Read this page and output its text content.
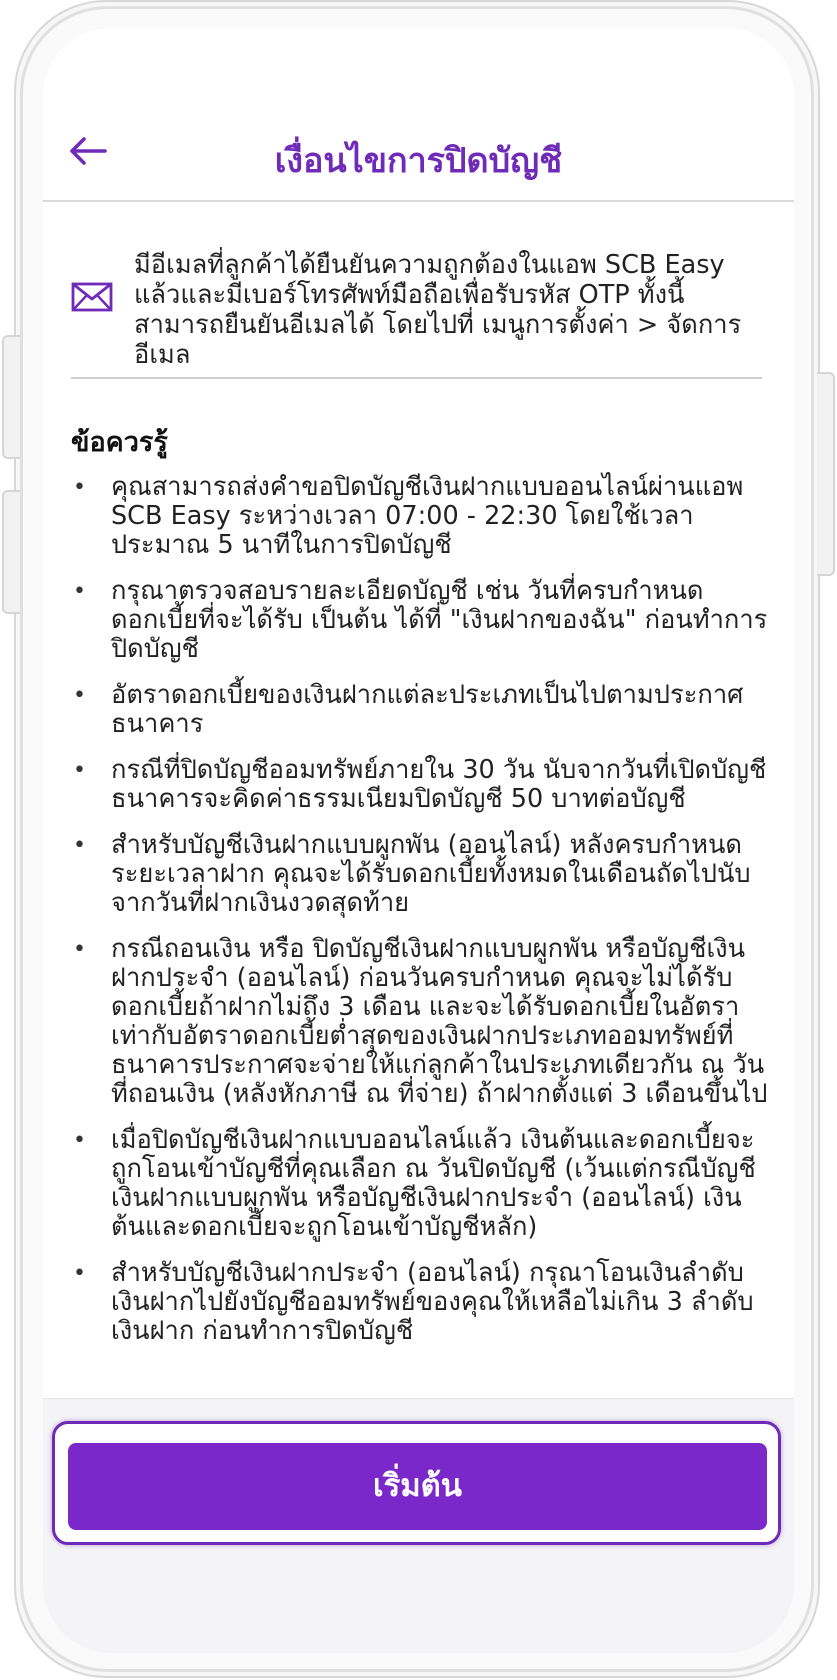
เงื่อนไขการปิดบัญชี
มีอีเมลที่ลูกค้าได้ยืนยันความถูกต้องในแอพ SCB Easy แล้วและมีเบอร์โทรศัพท์มือถือเพื่อรับรหัส OTP ทั้งนี้สามารถยืนยันอีเมลได้ โดยไปที่ เมนูการตั้งค่า > จัดการอีเมล
ข้อควรรู้
• คุณสามารถส่งคำขอปิดบัญชีเงินฝากแบบออนไลน์ผ่านแอพ SCB Easy ระหว่างเวลา 07:00 - 22:30 โดยใช้เวลาประมาณ 5 นาทีในการปิดบัญชี
• กรุณาตรวจสอบรายละเอียดบัญชี เช่น วันที่ครบกำหนด ดอกเบี้ยที่จะได้รับ เป็นต้น ได้ที่ "เงินฝากของฉัน" ก่อนทำการปิดบัญชี
• อัตราดอกเบี้ยของเงินฝากแต่ละประเภทเป็นไปตามประกาศธนาคาร
• กรณีที่ปิดบัญชีออมทรัพย์ภายใน 30 วัน นับจากวันที่เปิดบัญชี ธนาคารจะคิดค่าธรรมเนียมปิดบัญชี 50 บาทต่อบัญชี
• สำหรับบัญชีเงินฝากแบบผูกพัน (ออนไลน์) หลังครบกำหนดระยะเวลาฝาก คุณจะได้รับดอกเบี้ยทั้งหมดในเดือนถัดไปนับจากวันที่ฝากเงินงวดสุดท้าย
• กรณีถอนเงิน หรือ ปิดบัญชีเงินฝากแบบผูกพัน หรือบัญชีเงินฝากประจำ (ออนไลน์) ก่อนวันครบกำหนด คุณจะไม่ได้รับดอกเบี้ยถ้าฝากไม่ถึง 3 เดือน และจะได้รับดอกเบี้ยในอัตราเท่ากับอัตราดอกเบี้ยต่ำสุดของเงินฝากประเภทออมทรัพย์ที่ธนาคารประกาศจะจ่ายให้แก่ลูกค้าในประเภทเดียวกัน ณ วันที่ถอนเงิน (หลังหักภาษี ณ ที่จ่าย) ถ้าฝากตั้งแต่ 3 เดือนขึ้นไป
• เมื่อปิดบัญชีเงินฝากแบบออนไลน์แล้ว เงินต้นและดอกเบี้ยจะถูกโอนเข้าบัญชีที่คุณเลือก ณ วันปิดบัญชี (เว้นแต่กรณีบัญชีเงินฝากแบบผูกพัน หรือบัญชีเงินฝากประจำ (ออนไลน์) เงินต้นและดอกเบี้ยจะถูกโอนเข้าบัญชีหลัก)
• สำหรับบัญชีเงินฝากประจำ (ออนไลน์) กรุณาโอนเงินลำดับเงินฝากไปยังบัญชีออมทรัพย์ของคุณให้เหลือไม่เกิน 3 ลำดับเงินฝาก ก่อนทำการปิดบัญชี
เริ่มต้น
